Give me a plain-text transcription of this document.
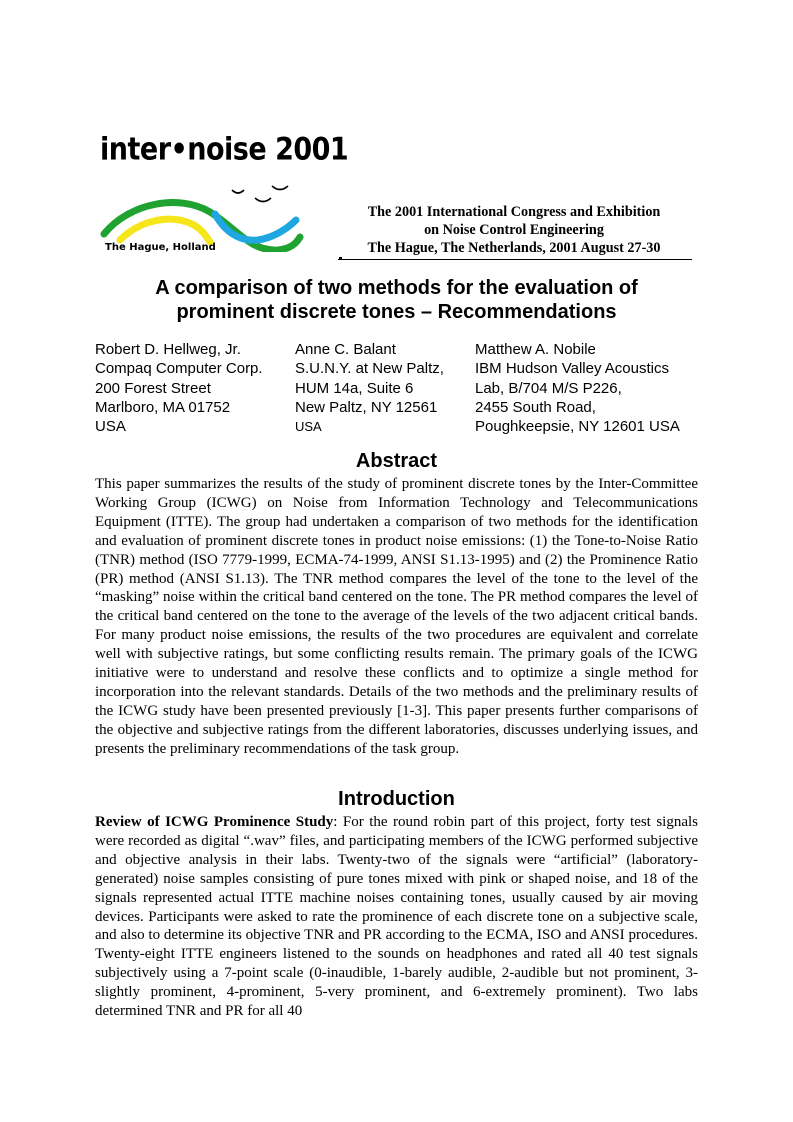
inter•noise 2001
The Hague, Holland
The 2001 International Congress and Exhibition
on Noise Control Engineering
The Hague, The Netherlands, 2001 August 27-30
A comparison of two methods for the evaluation of
prominent discrete tones – Recommendations
Robert D. Hellweg, Jr.
Compaq Computer Corp.
200 Forest Street
Marlboro, MA 01752
USA
Anne C. Balant
S.U.N.Y. at New Paltz,
HUM 14a, Suite 6
New Paltz, NY 12561
USA
Matthew A. Nobile
IBM Hudson Valley Acoustics
Lab, B/704 M/S P226,
2455 South Road,
Poughkeepsie, NY 12601 USA
Abstract
This paper summarizes the results of the study of prominent discrete tones by the Inter-Committee Working Group (ICWG) on Noise from Information Technology and Telecommunications Equipment (ITTE). The group had undertaken a comparison of two methods for the identification and evaluation of prominent discrete tones in product noise emissions: (1) the Tone-to-Noise Ratio (TNR) method (ISO 7779-1999, ECMA-74-1999, ANSI S1.13-1995) and (2) the Prominence Ratio (PR) method (ANSI S1.13). The TNR method compares the level of the tone to the level of the “masking” noise within the critical band centered on the tone. The PR method compares the level of the critical band centered on the tone to the average of the levels of the two adjacent critical bands. For many product noise emissions, the results of the two procedures are equivalent and correlate well with subjective ratings, but some conflicting results remain. The primary goals of the ICWG initiative were to understand and resolve these conflicts and to optimize a single method for incorporation into the relevant standards. Details of the two methods and the preliminary results of the ICWG study have been presented previously [1-3]. This paper presents further comparisons of the objective and subjective ratings from the different laboratories, discusses underlying issues, and presents the preliminary recommendations of the task group.
Introduction
Review of ICWG Prominence Study: For the round robin part of this project, forty test signals were recorded as digital “.wav” files, and participating members of the ICWG performed subjective and objective analysis in their labs. Twenty-two of the signals were “artificial” (laboratory-generated) noise samples consisting of pure tones mixed with pink or shaped noise, and 18 of the signals represented actual ITTE machine noises containing tones, usually caused by air moving devices. Participants were asked to rate the prominence of each discrete tone on a subjective scale, and also to determine its objective TNR and PR according to the ECMA, ISO and ANSI procedures. Twenty-eight ITTE engineers listened to the sounds on headphones and rated all 40 test signals subjectively using a 7-point scale (0-inaudible, 1-barely audible, 2-audible but not prominent, 3-slightly prominent, 4-prominent, 5-very prominent, and 6-extremely prominent). Two labs determined TNR and PR for all 40
